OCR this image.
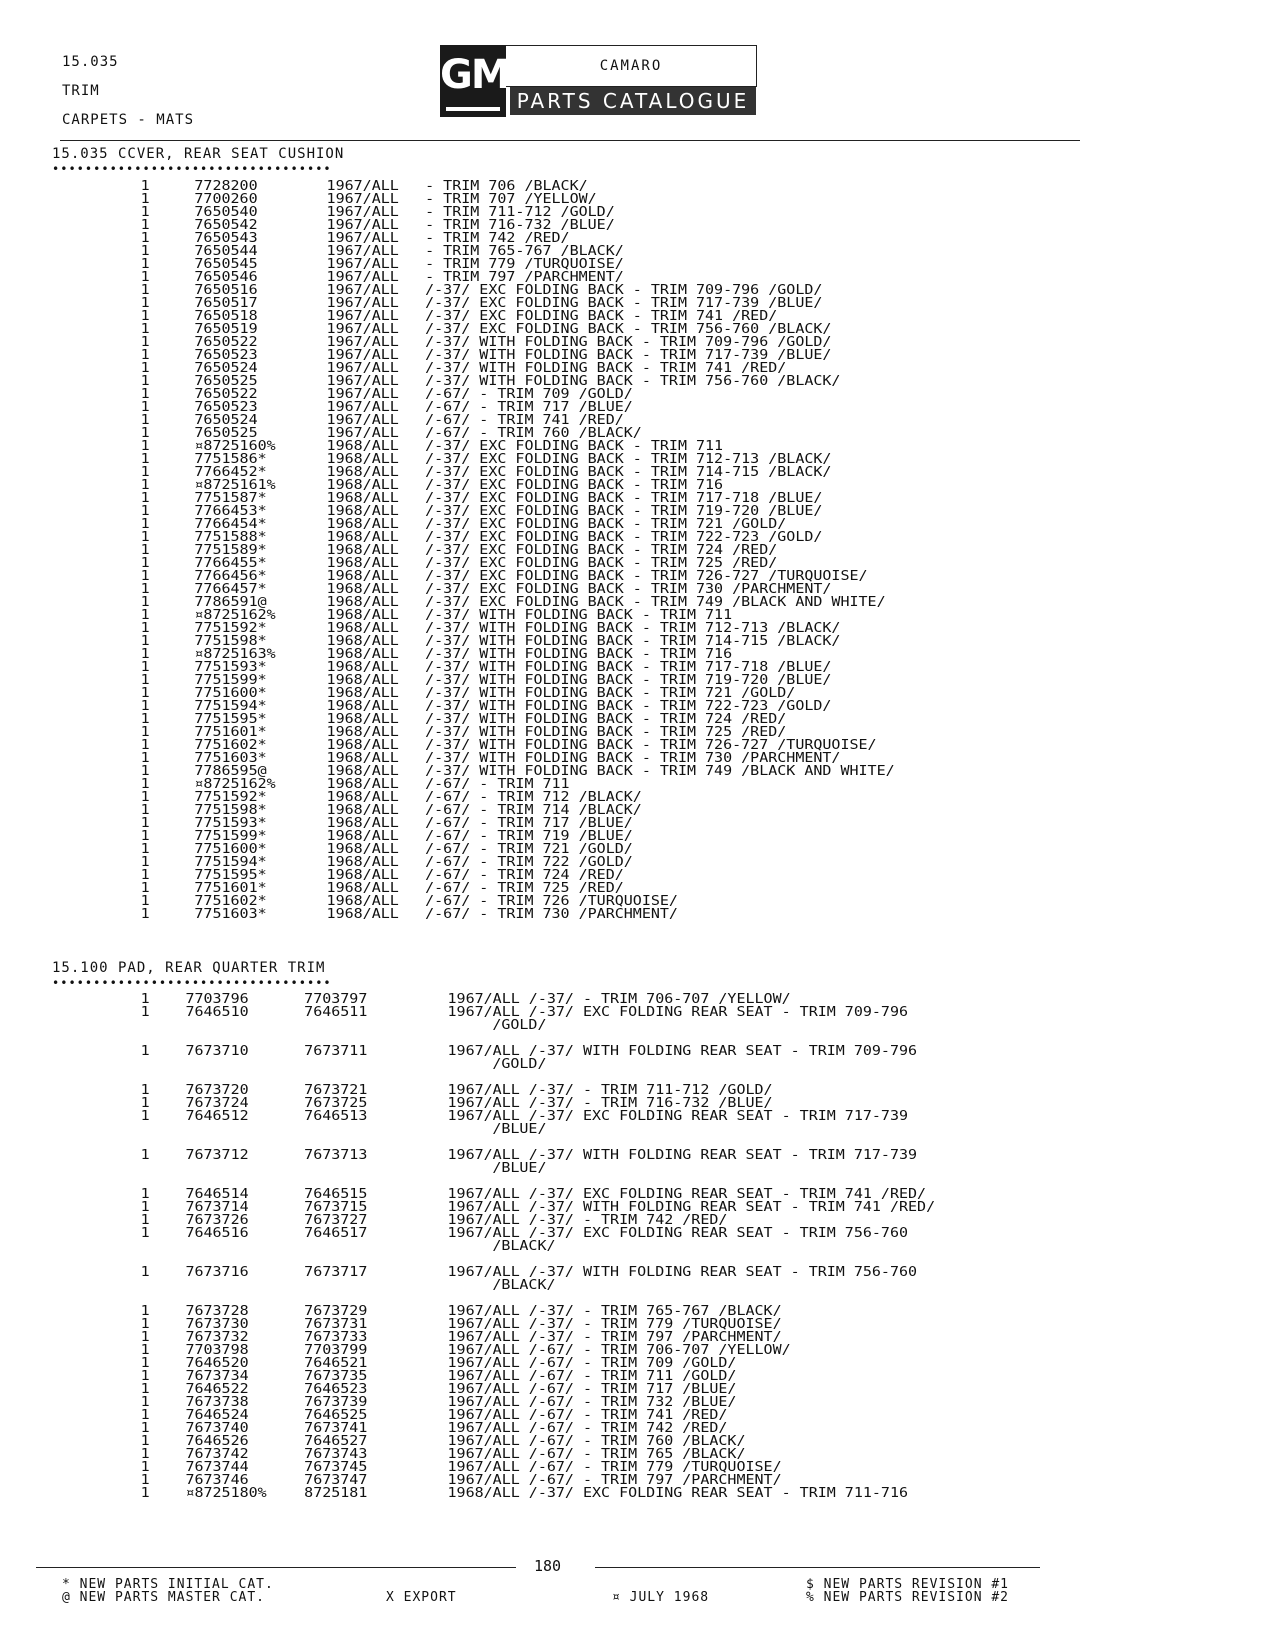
15.035
TRIM
CARPETS - MATS
GM	CAMARO
PARTS CATALOGUE
15.035 CCVER, REAR SEAT CUSHION
••••••••••••••••••••••••••••••••••
1	7728200	1967/ALL - TRIM 706 /BLACK/
1	7700260	1967/ALL - TRIM 707 /YELLOW/
1	7650540	1967/ALL - TRIM 711-712 /GOLD/
1	7650542	1967/ALL - TRIM 716-732 /BLUE/
1	7650543	1967/ALL - TRIM 742 /RED/
1	7650544	1967/ALL - TRIM 765-767 /BLACK/
1	7650545	1967/ALL - TRIM 779 /TURQUOISE/
1	7650546	1967/ALL - TRIM 797 /PARCHMENT/
1	7650516	1967/ALL /-37/ EXC FOLDING BACK - TRIM 709-796 /GOLD/
1	7650517	1967/ALL /-37/ EXC FOLDING BACK - TRIM 717-739 /BLUE/
1	7650518	1967/ALL /-37/ EXC FOLDING BACK - TRIM 741 /RED/
1	7650519	1967/ALL /-37/ EXC FOLDING BACK - TRIM 756-760 /BLACK/
1	7650522	1967/ALL /-37/ WITH FOLDING BACK - TRIM 709-796 /GOLD/
1	7650523	1967/ALL /-37/ WITH FOLDING BACK - TRIM 717-739 /BLUE/
1	7650524	1967/ALL /-37/ WITH FOLDING BACK - TRIM 741 /RED/
1	7650525	1967/ALL /-37/ WITH FOLDING BACK - TRIM 756-760 /BLACK/
1	7650522	1967/ALL /-67/ - TRIM 709 /GOLD/
1	7650523	1967/ALL /-67/ - TRIM 717 /BLUE/
1	7650524	1967/ALL /-67/ - TRIM 741 /RED/
1	7650525	1967/ALL /-67/ - TRIM 760 /BLACK/
1	¤8725160%	1968/ALL /-37/ EXC FOLDING BACK - TRIM 711
1	7751586*	1968/ALL /-37/ EXC FOLDING BACK - TRIM 712-713 /BLACK/
1	7766452*	1968/ALL /-37/ EXC FOLDING BACK - TRIM 714-715 /BLACK/
1	¤8725161%	1968/ALL /-37/ EXC FOLDING BACK - TRIM 716
1	7751587*	1968/ALL /-37/ EXC FOLDING BACK - TRIM 717-718 /BLUE/
1	7766453*	1968/ALL /-37/ EXC FOLDING BACK - TRIM 719-720 /BLUE/
1	7766454*	1968/ALL /-37/ EXC FOLDING BACK - TRIM 721 /GOLD/
1	7751588*	1968/ALL /-37/ EXC FOLDING BACK - TRIM 722-723 /GOLD/
1	7751589*	1968/ALL /-37/ EXC FOLDING BACK - TRIM 724 /RED/
1	7766455*	1968/ALL /-37/ EXC FOLDING BACK - TRIM 725 /RED/
1	7766456*	1968/ALL /-37/ EXC FOLDING BACK - TRIM 726-727 /TURQUOISE/
1	7766457*	1968/ALL /-37/ EXC FOLDING BACK - TRIM 730 /PARCHMENT/
1	7786591@	1968/ALL /-37/ EXC FOLDING BACK - TRIM 749 /BLACK AND WHITE/
1	¤8725162%	1968/ALL /-37/ WITH FOLDING BACK - TRIM 711
1	7751592*	1968/ALL /-37/ WITH FOLDING BACK - TRIM 712-713 /BLACK/
1	7751598*	1968/ALL /-37/ WITH FOLDING BACK - TRIM 714-715 /BLACK/
1	¤8725163%	1968/ALL /-37/ WITH FOLDING BACK - TRIM 716
1	7751593*	1968/ALL /-37/ WITH FOLDING BACK - TRIM 717-718 /BLUE/
1	7751599*	1968/ALL /-37/ WITH FOLDING BACK - TRIM 719-720 /BLUE/
1	7751600*	1968/ALL /-37/ WITH FOLDING BACK - TRIM 721 /GOLD/
1	7751594*	1968/ALL /-37/ WITH FOLDING BACK - TRIM 722-723 /GOLD/
1	7751595*	1968/ALL /-37/ WITH FOLDING BACK - TRIM 724 /RED/
1	7751601*	1968/ALL /-37/ WITH FOLDING BACK - TRIM 725 /RED/
1	7751602*	1968/ALL /-37/ WITH FOLDING BACK - TRIM 726-727 /TURQUOISE/
1	7751603*	1968/ALL /-37/ WITH FOLDING BACK - TRIM 730 /PARCHMENT/
1	7786595@	1968/ALL /-37/ WITH FOLDING BACK - TRIM 749 /BLACK AND WHITE/
1	¤8725162%	1968/ALL /-67/ - TRIM 711
1	7751592*	1968/ALL /-67/ - TRIM 712 /BLACK/
1	7751598*	1968/ALL /-67/ - TRIM 714 /BLACK/
1	7751593*	1968/ALL /-67/ - TRIM 717 /BLUE/
1	7751599*	1968/ALL /-67/ - TRIM 719 /BLUE/
1	7751600*	1968/ALL /-67/ - TRIM 721 /GOLD/
1	7751594*	1968/ALL /-67/ - TRIM 722 /GOLD/
1	7751595*	1968/ALL /-67/ - TRIM 724 /RED/
1	7751601*	1968/ALL /-67/ - TRIM 725 /RED/
1	7751602*	1968/ALL /-67/ - TRIM 726 /TURQUOISE/
1	7751603*	1968/ALL /-67/ - TRIM 730 /PARCHMENT/
15.100 PAD, REAR QUARTER TRIM
••••••••••••••••••••••••••••••••••
1	7703796	7703797	1967/ALL /-37/ - TRIM 706-707 /YELLOW/
1	7646510	7646511	1967/ALL /-37/ EXC FOLDING REAR SEAT - TRIM 709-796
/GOLD/
1	7673710	7673711	1967/ALL /-37/ WITH FOLDING REAR SEAT - TRIM 709-796
/GOLD/
1	7673720	7673721	1967/ALL /-37/ - TRIM 711-712 /GOLD/
1	7673724	7673725	1967/ALL /-37/ - TRIM 716-732 /BLUE/
1	7646512	7646513	1967/ALL /-37/ EXC FOLDING REAR SEAT - TRIM 717-739
/BLUE/
1	7673712	7673713	1967/ALL /-37/ WITH FOLDING REAR SEAT - TRIM 717-739
/BLUE/
1	7646514	7646515	1967/ALL /-37/ EXC FOLDING REAR SEAT - TRIM 741 /RED/
1	7673714	7673715	1967/ALL /-37/ WITH FOLDING REAR SEAT - TRIM 741 /RED/
1	7673726	7673727	1967/ALL /-37/ - TRIM 742 /RED/
1	7646516	7646517	1967/ALL /-37/ EXC FOLDING REAR SEAT - TRIM 756-760
/BLACK/
1	7673716	7673717	1967/ALL /-37/ WITH FOLDING REAR SEAT - TRIM 756-760
/BLACK/
1	7673728	7673729	1967/ALL /-37/ - TRIM 765-767 /BLACK/
1	7673730	7673731	1967/ALL /-37/ - TRIM 779 /TURQUOISE/
1	7673732	7673733	1967/ALL /-37/ - TRIM 797 /PARCHMENT/
1	7703798	7703799	1967/ALL /-67/ - TRIM 706-707 /YELLOW/
1	7646520	7646521	1967/ALL /-67/ - TRIM 709 /GOLD/
1	7673734	7673735	1967/ALL /-67/ - TRIM 711 /GOLD/
1	7646522	7646523	1967/ALL /-67/ - TRIM 717 /BLUE/
1	7673738	7673739	1967/ALL /-67/ - TRIM 732 /BLUE/
1	7646524	7646525	1967/ALL /-67/ - TRIM 741 /RED/
1	7673740	7673741	1967/ALL /-67/ - TRIM 742 /RED/
1	7646526	7646527	1967/ALL /-67/ - TRIM 760 /BLACK/
1	7673742	7673743	1967/ALL /-67/ - TRIM 765 /BLACK/
1	7673744	7673745	1967/ALL /-67/ - TRIM 779 /TURQUOISE/
1	7673746	7673747	1967/ALL /-67/ - TRIM 797 /PARCHMENT/
1	¤8725180%	8725181	1968/ALL /-37/ EXC FOLDING REAR SEAT - TRIM 711-716
180
* NEW PARTS INITIAL CAT.
@ NEW PARTS MASTER CAT.	X EXPORT	¤ JULY 1968
$ NEW PARTS REVISION #1
% NEW PARTS REVISION #2
